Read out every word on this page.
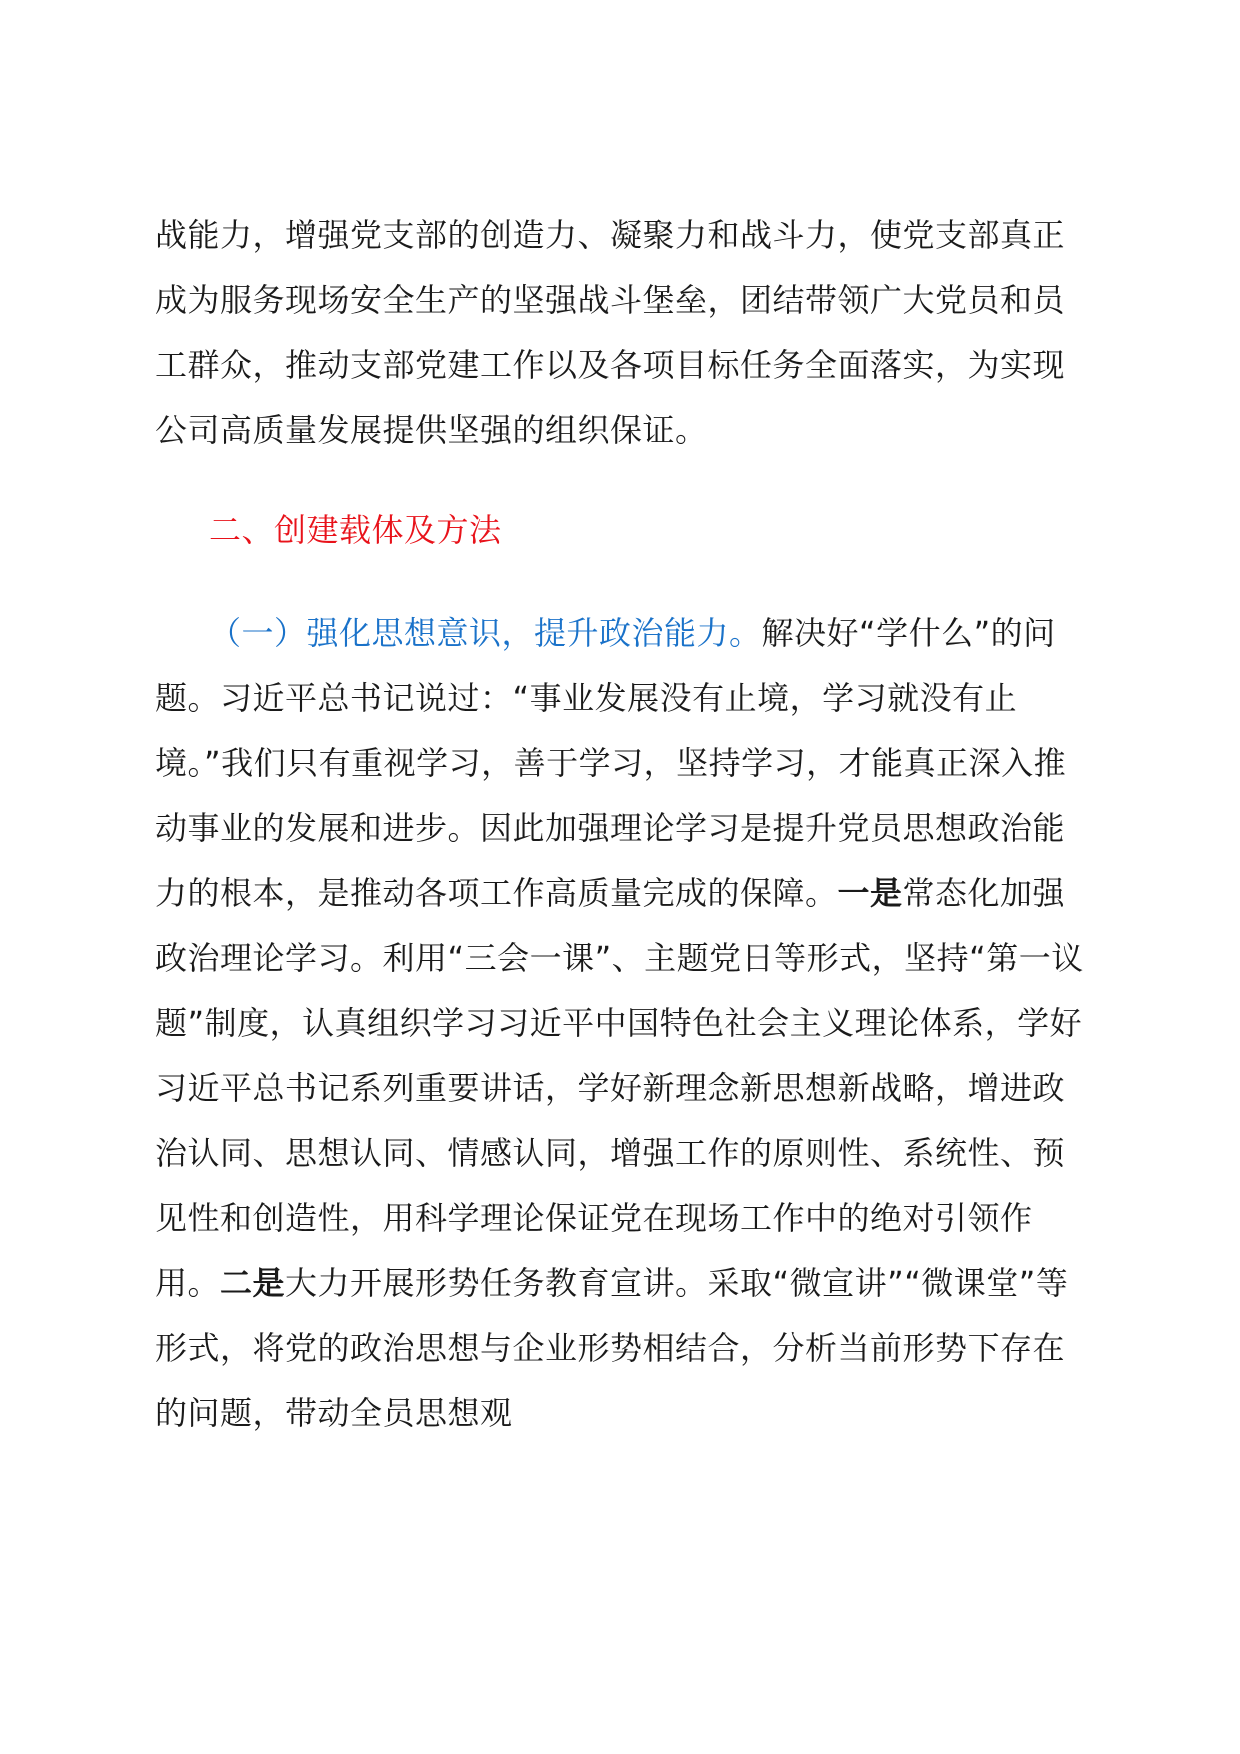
战能力，增强党支部的创造力、凝聚力和战斗力，使党支部真正成为服务现场安全生产的坚强战斗堡垒，团结带领广大党员和员工群众，推动支部党建工作以及各项目标任务全面落实，为实现公司高质量发展提供坚强的组织保证。

二、创建载体及方法

（一）强化思想意识，提升政治能力。解决好“学什么”的问题。习近平总书记说过：“事业发展没有止境，学习就没有止境。”我们只有重视学习，善于学习，坚持学习，才能真正深入推动事业的发展和进步。因此加强理论学习是提升党员思想政治能力的根本，是推动各项工作高质量完成的保障。一是常态化加强政治理论学习。利用“三会一课”、主题党日等形式，坚持“第一议题”制度，认真组织学习习近平中国特色社会主义理论体系，学好习近平总书记系列重要讲话，学好新理念新思想新战略，增进政治认同、思想认同、情感认同，增强工作的原则性、系统性、预见性和创造性，用科学理论保证党在现场工作中的绝对引领作用。二是大力开展形势任务教育宣讲。采取“微宣讲”“微课堂”等形式，将党的政治思想与企业形势相结合，分析当前形势下存在的问题，带动全员思想观
